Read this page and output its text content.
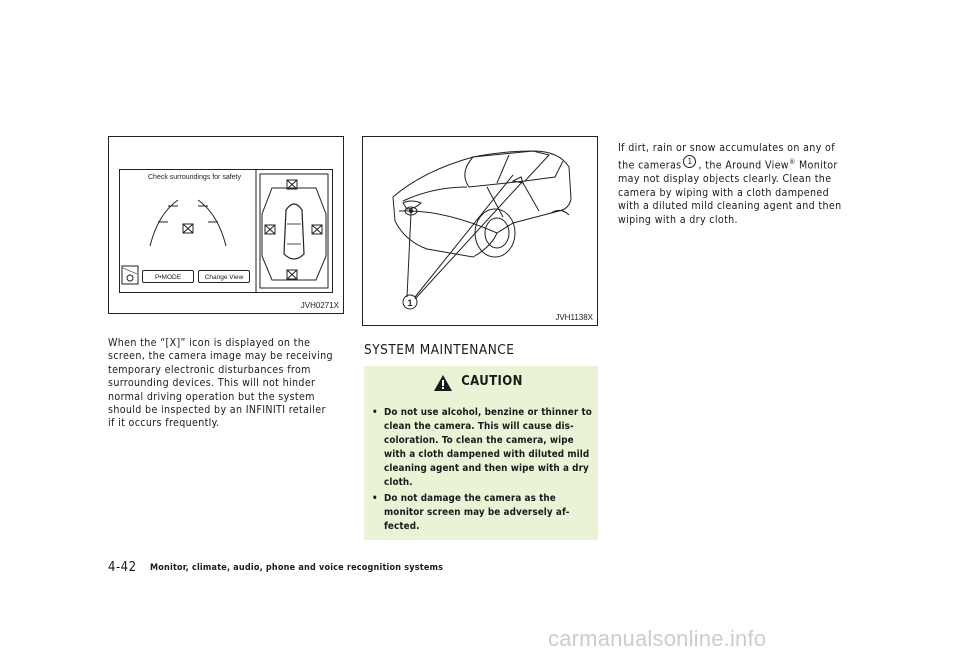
Check surroundings for safety
P•MODE	Change View
JVH0271X	1
JVH1138X
When the “[X]” icon is displayed on the
screen, the camera image may be receiving
temporary electronic disturbances from
surrounding devices. This will not hinder
normal driving operation but the system
should be inspected by an INFINITI retailer
if it occurs frequently.
SYSTEM MAINTENANCE
CAUTION
• Do not use alcohol, benzine or thinner to
clean the camera. This will cause dis-
coloration. To clean the camera, wipe
with a cloth dampened with diluted mild
cleaning agent and then wipe with a dry
cloth.
• Do not damage the camera as the
monitor screen may be adversely af-
fected.
If dirt, rain or snow accumulates on any of
the cameras 1 , the Around View® Monitor
may not display objects clearly. Clean the
camera by wiping with a cloth dampened
with a diluted mild cleaning agent and then
wiping with a dry cloth.
4-42 Monitor, climate, audio, phone and voice recognition systems
carmanualsonline.info
